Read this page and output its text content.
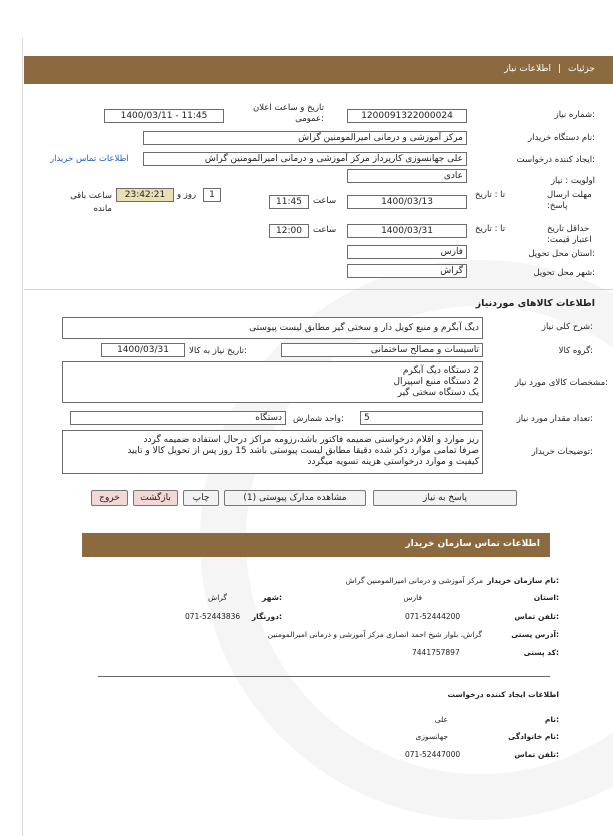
جزئیات
|
اطلاعات نیاز
شماره نیاز:
1200091322000024
تاریخ و ساعت اعلان عمومی:
1400/03/11 - 11:45
نام دستگاه خریدار:
مرکز آموزشی و درمانی امیرالمومنین گراش
ایجاد کننده درخواست:
علی جهانسوزی کارپرداز مرکز آموزشی و درمانی امیرالمومنین گراش
اطلاعات تماس خریدار
اولویت : نیاز
عادی
مهلت ارسال پاسخ:
تا : تاریخ
1400/03/13
ساعت
11:45
1
روز و
23:42:21
ساعت باقی مانده
حداقل تاریخ اعتبار قیمت:
تا : تاریخ
1400/03/31
ساعت
12:00
استان محل تحویل:
فارس
شهر محل تحویل:
گراش
اطلاعات کالاهای موردنیاز
شرح کلی نیاز:
دیگ آبگرم و منبع کویل دار و سختی گیر مطابق لیست پیوستی
گروه کالا:
تاسیسات و مصالح ساختمانی
تاریخ نیاز به کالا:
1400/03/31
مشخصات کالای مورد نیاز:
2 دستگاه دیگ آبگرم
2 دستگاه منبع اسپیرال
یک دستگاه سختی گیر
تعداد مقدار مورد نیاز:
5
واحد شمارش:
دستگاه
توضیحات خریدار:
ریز موارد و اقلام درخواستی ضمیمه فاکتور باشد،رزومه مراکز درحال استفاده ضمیمه گردد
صرفا تمامی موارد ذکر شده دقیقا مطابق لیست پیوستی باشد 15 روز پس از تحویل کالا و تایید
کیفیت و موارد درخواستی هزینه تسویه میگردد
پاسخ به نیاز
مشاهده مدارک پیوستی (1)
چاپ
بازگشت
خروج
اطلاعات تماس سازمان خریدار
نام سازمان خریدار:
مرکز آموزشی و درمانی امیرالمومنین گراش
استان:
فارس
شهر:
گراش
تلفن تماس:
071-52444200
دورنگار:
071-52443836
آدرس پستی:
گراش، بلوار شیخ احمد انصاری مرکز آموزشی و درمانی امیرالمومنین
کد پستی:
7441757897
اطلاعات ایجاد کننده درخواست
نام:
علی
نام خانوادگی:
جهانسوزی
تلفن تماس:
071-52447000
